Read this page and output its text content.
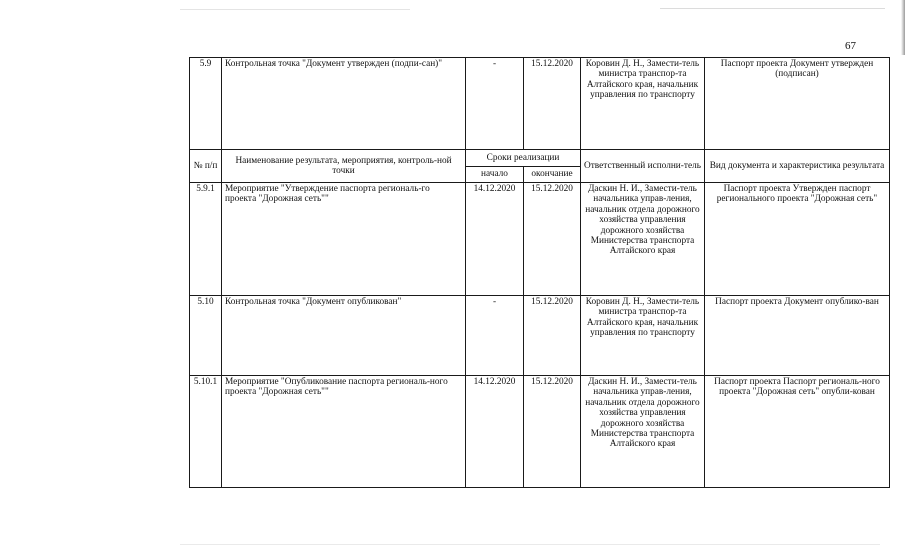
67
5.9	Контрольная точка "Документ утвержден (подпи-сан)"	-	15.12.2020	Коровин Д. Н., Замести-тель министра транспор-та Алтайского края, начальник управления по транспорту	Паспорт проекта Документ утвержден (подписан)
№ п/п	Наименование результата, мероприятия, контроль-ной точки	Сроки реализации		Ответственный исполни-тель	Вид документа и характеристика результата
		начало	окончание		
5.9.1	Мероприятие "Утверждение паспорта региональ-го проекта "Дорожная сеть""	14.12.2020	15.12.2020	Даскин Н. И., Замести-тель начальника управ-ления, начальник отдела дорожного хозяйства управления дорожного хозяйства Министерства транспорта Алтайского края	Паспорт проекта Утвержден паспорт регионального проекта "Дорожная сеть"
5.10	Контрольная точка "Документ опубликован"	-	15.12.2020	Коровин Д. Н., Замести-тель министра транспор-та Алтайского края, начальник управления по транспорту	Паспорт проекта Документ опублико-ван
5.10.1	Мероприятие "Опубликование паспорта региональ-ного проекта "Дорожная сеть""	14.12.2020	15.12.2020	Даскин Н. И., Замести-тель начальника управ-ления, начальник отдела дорожного хозяйства управления дорожного хозяйства Министерства транспорта Алтайского края	Паспорт проекта Паспорт региональ-ного проекта "Дорожная сеть" опубли-кован
